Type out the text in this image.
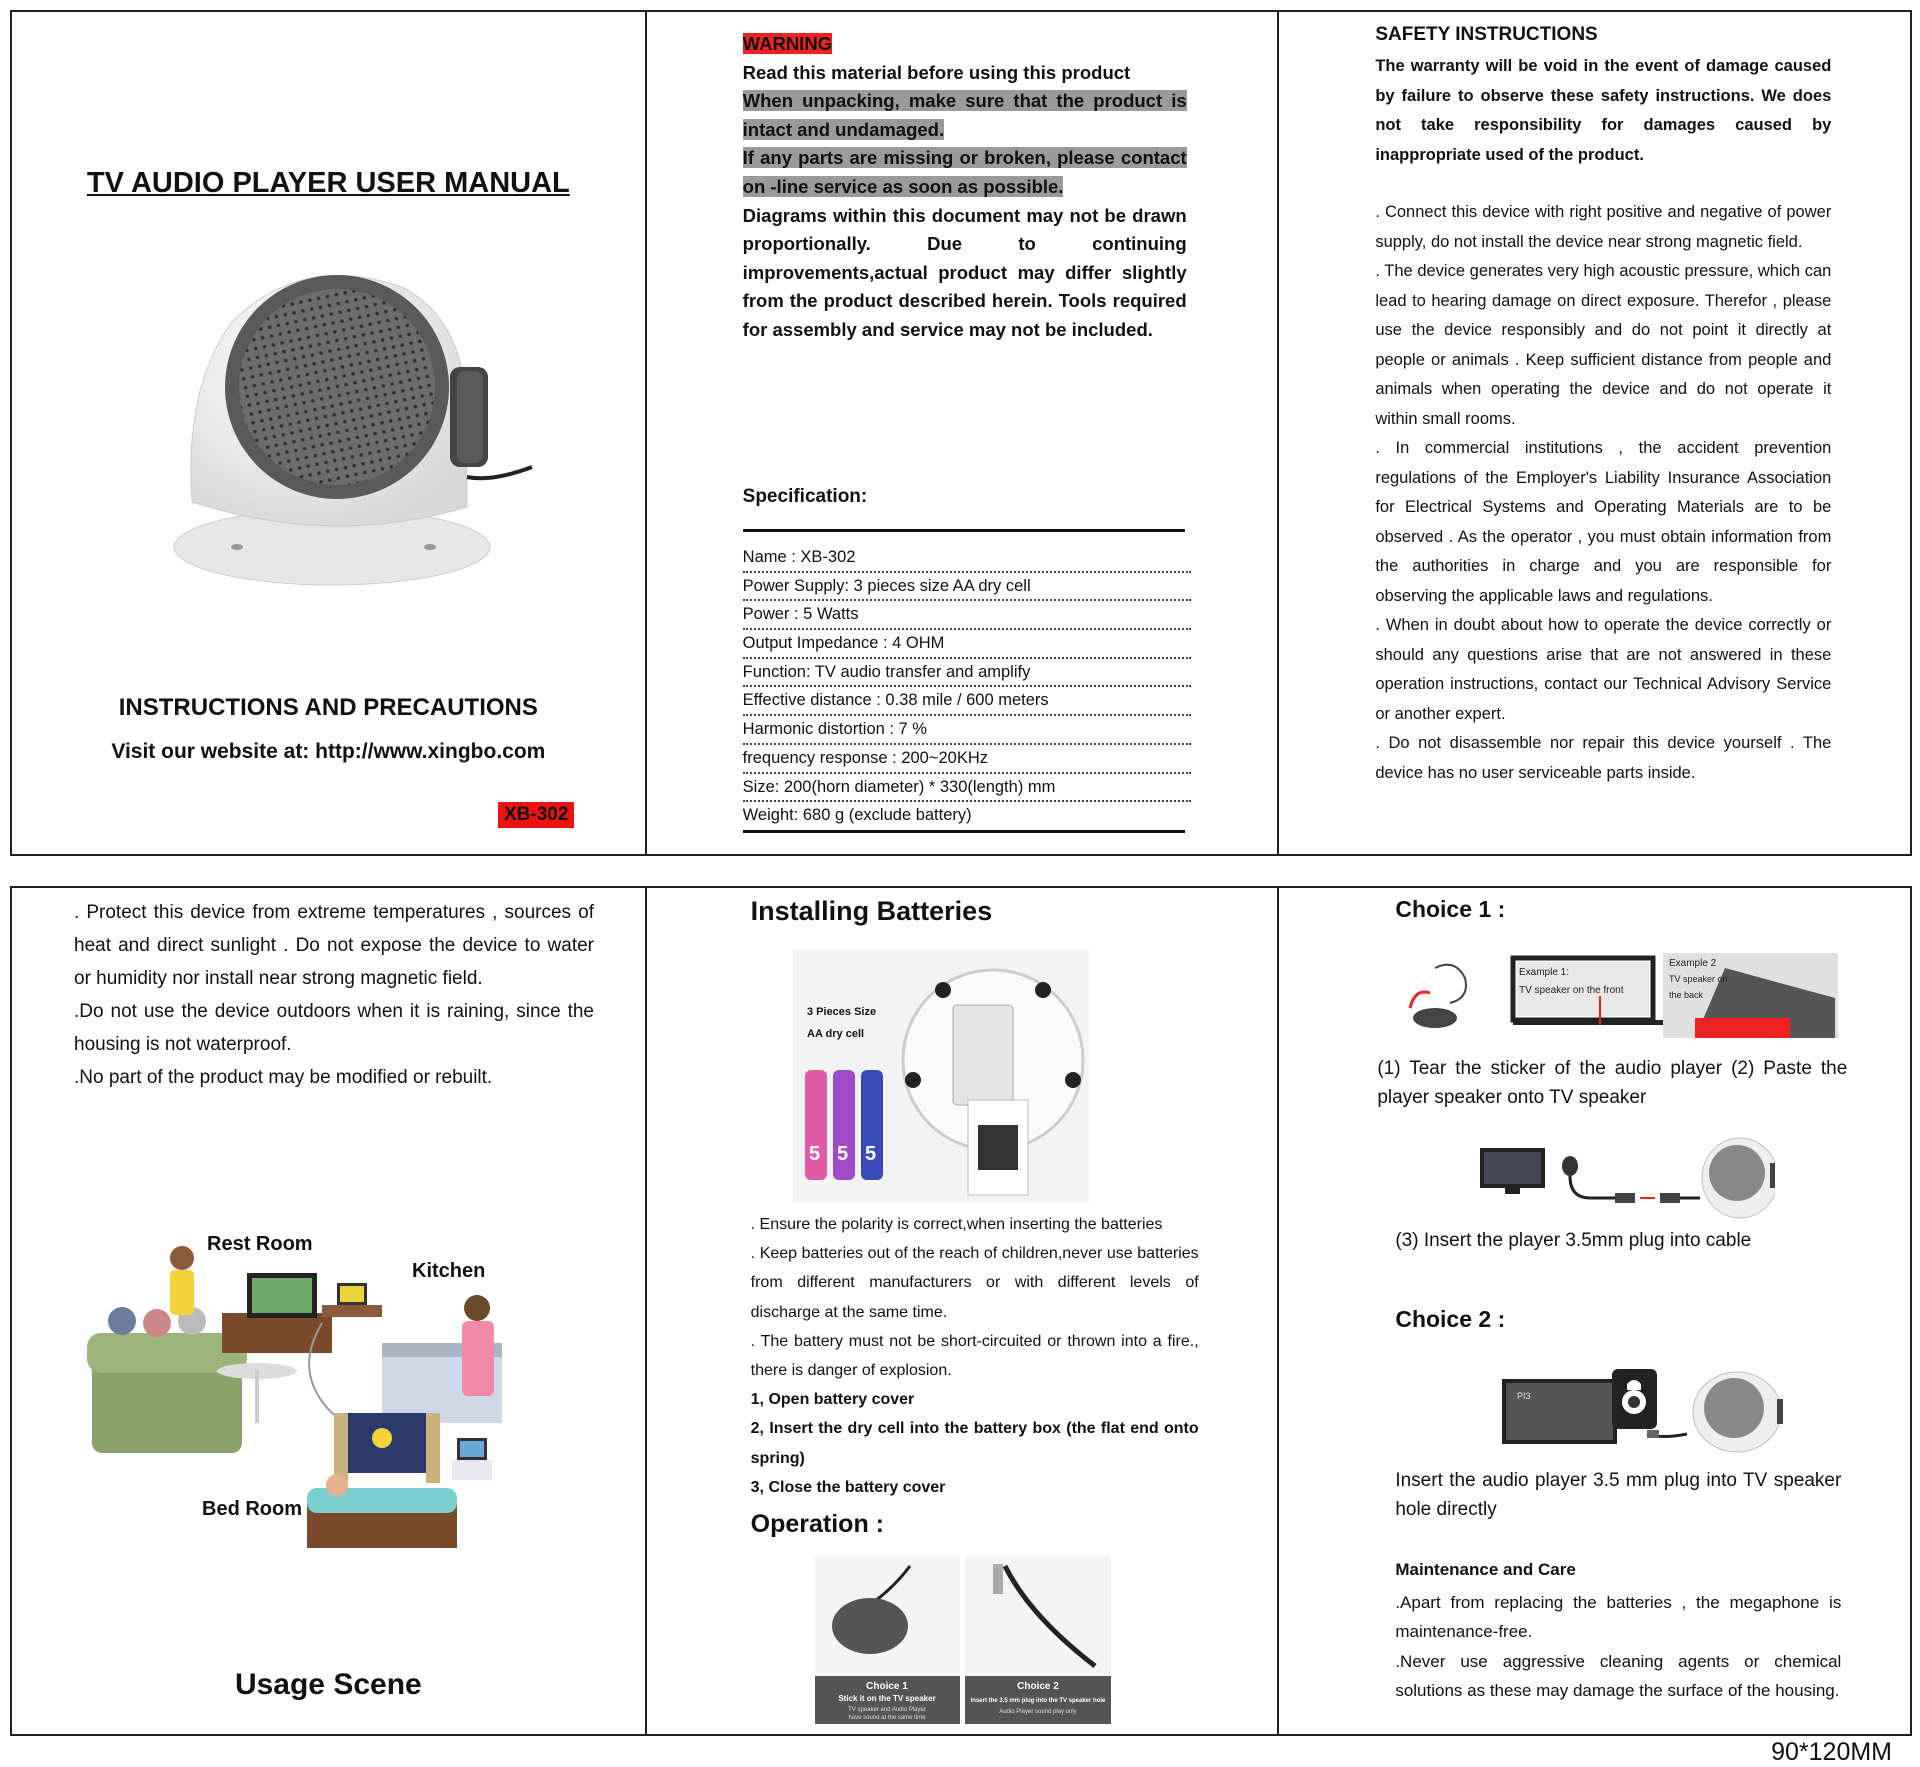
TV AUDIO PLAYER USER MANUAL
INSTRUCTIONS AND PRECAUTIONS
Visit our website at: http://www.xingbo.com
XB-302

WARNING

Read this material before using this product

When unpacking, make sure that the product is intact and undamaged.

If any parts are missing or broken, please contact on -line service as soon as possible.

Diagrams within this document may not be drawn proportionally. Due to continuing improvements,actual product may differ slightly from the product described herein. Tools required for assembly and service may not be included.

Specification:
Name : XB-302
Power Supply: 3 pieces size AA dry cell
Power : 5 Watts
Output Impedance : 4 OHM
Function: TV audio transfer and amplify
Effective distance : 0.38 mile / 600 meters
Harmonic distortion : 7 %
frequency response : 200~20KHz
Size: 200(horn diameter) * 330(length) mm
Weight: 680 g (exclude battery)
SAFETY INSTRUCTIONS
The warranty will be void in the event of damage caused by failure to observe these safety instructions. We does not take responsibility for damages caused by inappropriate used of the product.

. Connect this device with right positive and negative of power supply, do not install the device near strong magnetic field.

. The device generates very high acoustic pressure, which can lead to hearing damage on direct exposure. Therefor , please use the device responsibly and do not point it directly at people or animals . Keep sufficient distance from people and animals when operating the device and do not operate it within small rooms.

. In commercial institutions , the accident prevention regulations of the Employer's Liability Insurance Association for Electrical Systems and Operating Materials are to be observed . As the operator , you must obtain information from the authorities in charge and you are responsible for observing the applicable laws and regulations.

. When in doubt about how to operate the device correctly or should any questions arise that are not answered in these operation instructions, contact our Technical Advisory Service or another expert.

. Do not disassemble nor repair this device yourself . The device has no user serviceable parts inside.

. Protect this device from extreme temperatures , sources of heat and direct sunlight . Do not expose the device to water or humidity nor install near strong magnetic field.

.Do not use the device outdoors when it is raining, since the housing is not waterproof.

.No part of the product may be modified or rebuilt.

Rest Room
Kitchen
Bed Room
Usage Scene
Installing Batteries
3 Pieces Size
AA dry cell
5 5 5

. Ensure the polarity is correct,when inserting the batteries

. Keep batteries out of the reach of children,never use batteries from different manufacturers or with different levels of discharge at the same time.

. The battery must not be short-circuited or thrown into a fire., there is danger of explosion.

1, Open battery cover

2, Insert the dry cell into the battery box (the flat end onto spring)

3, Close the battery cover

Operation :
Choice 1
Stick it on the TV speaker
TV speaker and Audio Player
have sound at the same time
Choice 2
Insert the 3.5 mm plug into the TV speaker hole
Audio Player sound play only
Choice 1 :
Example 1:
TV speaker on the front
Example 2
TV speaker on
the back
(1) Tear the sticker of the audio player (2) Paste the player speaker onto TV speaker
(3) Insert the player 3.5mm plug into cable
Choice 2 :
PI3
Insert the audio player 3.5 mm plug into TV speaker hole directly
Maintenance and Care

.Apart from replacing the batteries , the megaphone is maintenance-free.

.Never use aggressive cleaning agents or chemical solutions as these may damage the surface of the housing.

90*120MM
